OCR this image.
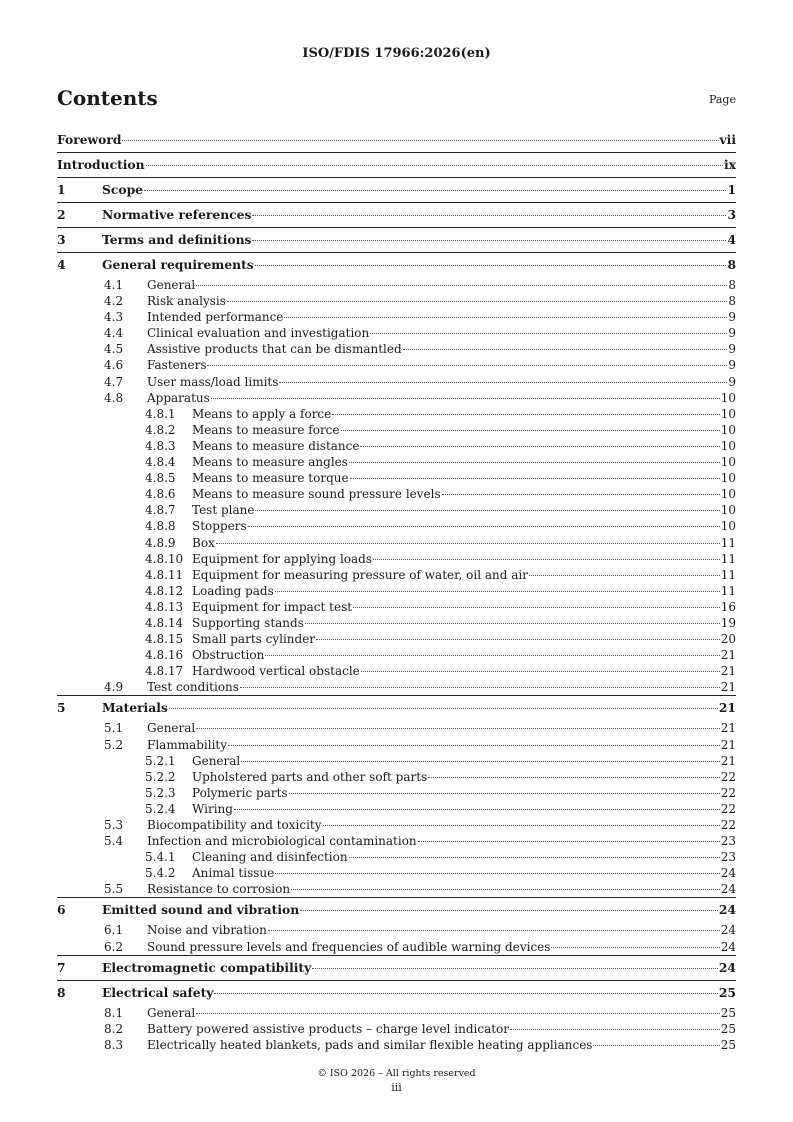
ISO/FDIS 17966:2026(en)
Contents	Page
Foreword	vii
Introduction	ix
1	Scope	1
2	Normative references	3
3	Terms and definitions	4
4	General requirements	8
4.1	General	8
4.2	Risk analysis	8
4.3	Intended performance	9
4.4	Clinical evaluation and investigation	9
4.5	Assistive products that can be dismantled	9
4.6	Fasteners	9
4.7	User mass/load limits	9
4.8	Apparatus	10
4.8.1	Means to apply a force	10
4.8.2	Means to measure force	10
4.8.3	Means to measure distance	10
4.8.4	Means to measure angles	10
4.8.5	Means to measure torque	10
4.8.6	Means to measure sound pressure levels	10
4.8.7	Test plane	10
4.8.8	Stoppers	10
4.8.9	Box	11
4.8.10 Equipment for applying loads	11
4.8.11 Equipment for measuring pressure of water, oil and air	11
4.8.12 Loading pads	11
4.8.13 Equipment for impact test	16
4.8.14 Supporting stands	19
4.8.15 Small parts cylinder	20
4.8.16 Obstruction	21
4.8.17 Hardwood vertical obstacle	21
4.9	Test conditions	21
5	Materials	21
5.1	General	21
5.2	Flammability	21
5.2.1	General	21
5.2.2	Upholstered parts and other soft parts	22
5.2.3	Polymeric parts	22
5.2.4	Wiring	22
5.3	Biocompatibility and toxicity	22
5.4	Infection and microbiological contamination	23
5.4.1	Cleaning and disinfection	23
5.4.2	Animal tissue	24
5.5	Resistance to corrosion	24
6	Emitted sound and vibration	24
6.1	Noise and vibration	24
6.2	Sound pressure levels and frequencies of audible warning devices	24
7	Electromagnetic compatibility	24
8	Electrical safety	25
8.1	General	25
8.2	Battery powered assistive products – charge level indicator	25
8.3	Electrically heated blankets, pads and similar flexible heating appliances	25
© ISO 2026 – All rights reserved
iii
